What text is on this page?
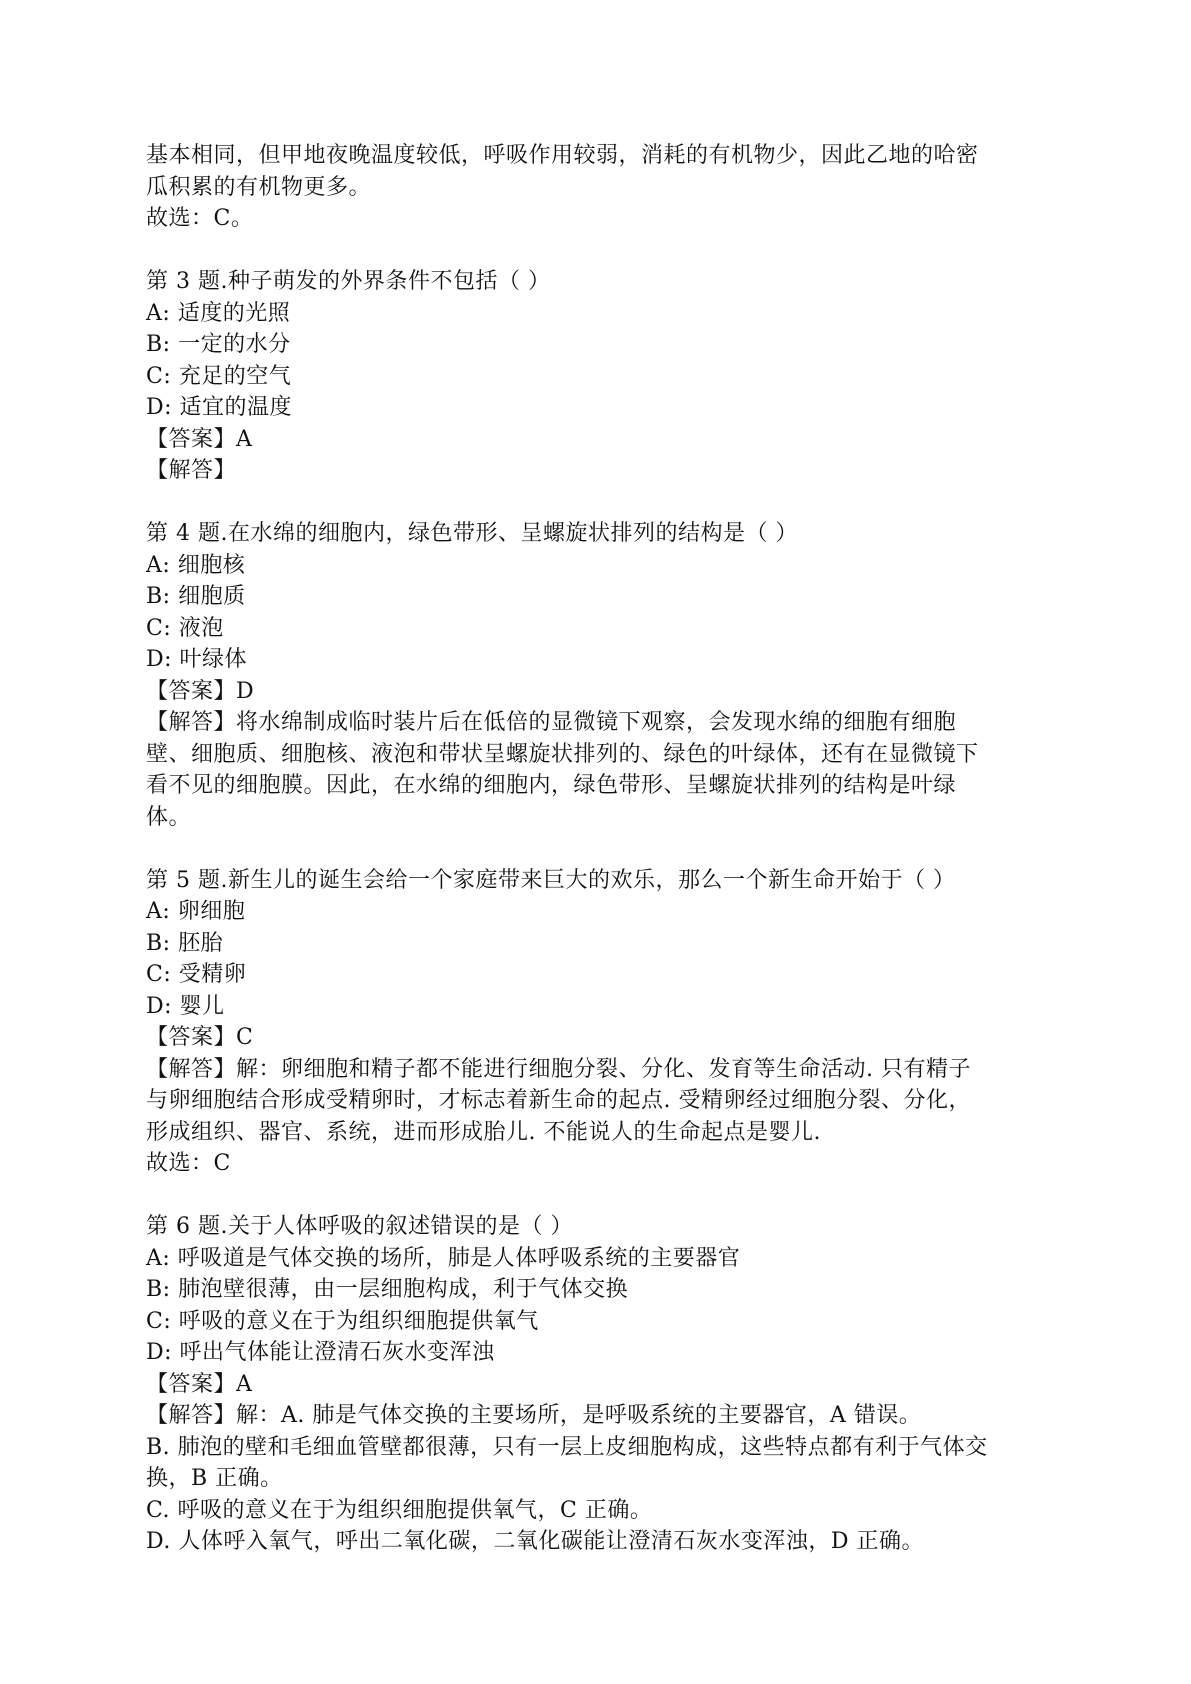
基本相同，但甲地夜晚温度较低，呼吸作用较弱，消耗的有机物少，因此乙地的哈密
瓜积累的有机物更多。
故选：C。
第 3 题.种子萌发的外界条件不包括（ ）
A: 适度的光照
B: 一定的水分
C: 充足的空气
D: 适宜的温度
【答案】A
【解答】
第 4 题.在水绵的细胞内，绿色带形、呈螺旋状排列的结构是（ ）
A: 细胞核
B: 细胞质
C: 液泡
D: 叶绿体
【答案】D
【解答】将水绵制成临时装片后在低倍的显微镜下观察，会发现水绵的细胞有细胞
壁、细胞质、细胞核、液泡和带状呈螺旋状排列的、绿色的叶绿体，还有在显微镜下
看不见的细胞膜。因此，在水绵的细胞内，绿色带形、呈螺旋状排列的结构是叶绿
体。
第 5 题.新生儿的诞生会给一个家庭带来巨大的欢乐，那么一个新生命开始于（ ）
A: 卵细胞
B: 胚胎
C: 受精卵
D: 婴儿
【答案】C
【解答】解：卵细胞和精子都不能进行细胞分裂、分化、发育等生命活动. 只有精子
与卵细胞结合形成受精卵时，才标志着新生命的起点. 受精卵经过细胞分裂、分化，
形成组织、器官、系统，进而形成胎儿. 不能说人的生命起点是婴儿.
故选：C
第 6 题.关于人体呼吸的叙述错误的是（ ）
A: 呼吸道是气体交换的场所，肺是人体呼吸系统的主要器官
B: 肺泡壁很薄，由一层细胞构成，利于气体交换
C: 呼吸的意义在于为组织细胞提供氧气
D: 呼出气体能让澄清石灰水变浑浊
【答案】A
【解答】解：A. 肺是气体交换的主要场所，是呼吸系统的主要器官，A 错误。
B. 肺泡的壁和毛细血管壁都很薄，只有一层上皮细胞构成，这些特点都有利于气体交
换，B 正确。
C. 呼吸的意义在于为组织细胞提供氧气，C 正确。
D. 人体呼入氧气，呼出二氧化碳，二氧化碳能让澄清石灰水变浑浊，D 正确。
